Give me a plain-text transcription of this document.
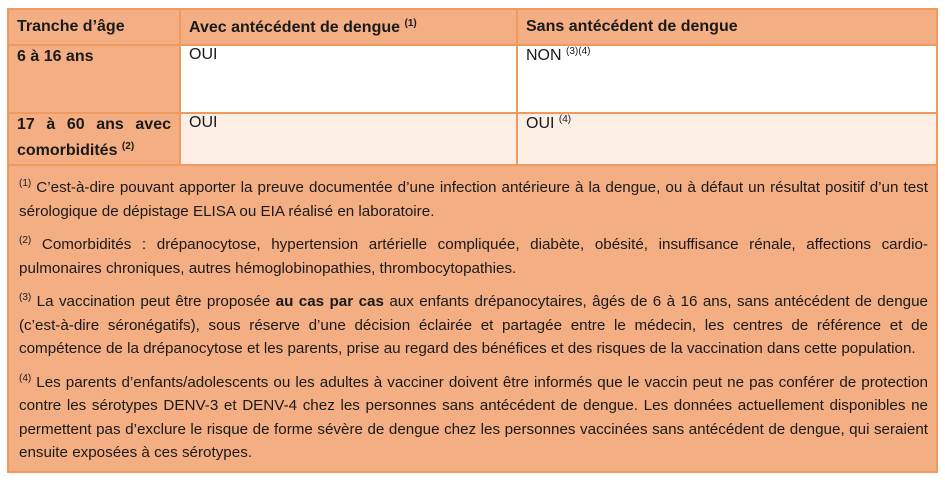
Tranche d’âge	Avec antécédent de dengue $^{(1)}$	Sans antécédent de dengue
6 à 16 ans	OUI	NON $^{(3)(4)}$
17 à 60 ans avec comorbidités $^{(2)}$	OUI	OUI $^{(4)}$
$^{(1)}$ C’est-à-dire pouvant apporter la preuve documentée d’une infection antérieure à la dengue, ou à défaut un résultat positif d’un test sérologique de dépistage ELISA ou EIA réalisé en laboratoire.
$^{(2)}$ Comorbidités : drépanocytose, hypertension artérielle compliquée, diabète, obésité, insuffisance rénale, affections cardio-pulmonaires chroniques, autres hémoglobinopathies, thrombocytopathies.
$^{(3)}$ La vaccination peut être proposée au cas par cas aux enfants drépanocytaires, âgés de 6 à 16 ans, sans antécédent de dengue (c’est-à-dire séronégatifs), sous réserve d’une décision éclairée et partagée entre le médecin, les centres de référence et de compétence de la drépanocytose et les parents, prise au regard des bénéfices et des risques de la vaccination dans cette population.
$^{(4)}$ Les parents d’enfants/adolescents ou les adultes à vacciner doivent être informés que le vaccin peut ne pas conférer de protection contre les sérotypes DENV-3 et DENV-4 chez les personnes sans antécédent de dengue. Les données actuellement disponibles ne permettent pas d’exclure le risque de forme sévère de dengue chez les personnes vaccinées sans antécédent de dengue, qui seraient ensuite exposées à ces sérotypes.
